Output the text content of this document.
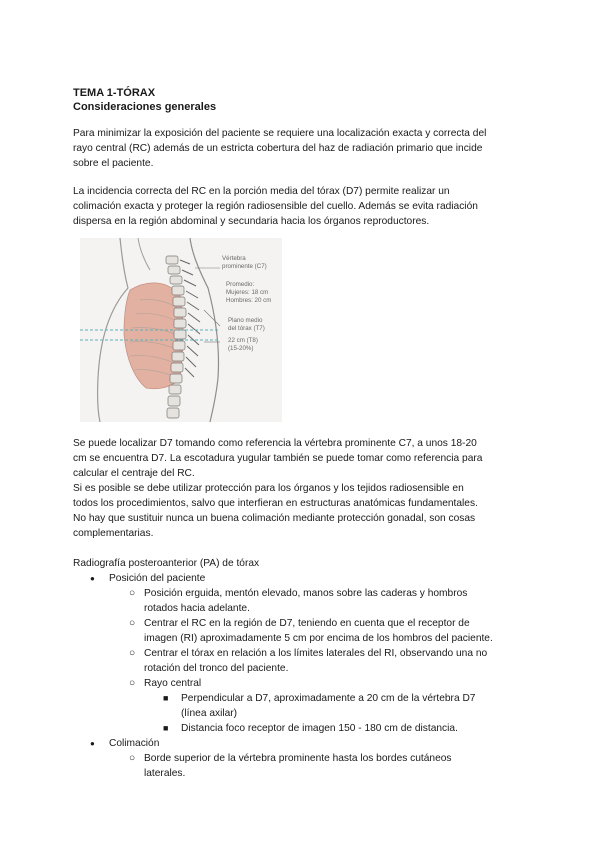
TEMA 1-TÓRAX
Consideraciones generales
Para minimizar la exposición del paciente se requiere una localización exacta y correcta del
rayo central (RC) además de un estricta cobertura del haz de radiación primario que incide
sobre el paciente.
La incidencia correcta del RC en la porción media del tórax (D7) permite realizar un
colimación exacta y proteger la región radiosensible del cuello. Además se evita radiación
dispersa en la región abdominal y secundaria hacia los órganos reproductores.
Vértebra
prominente (C7)
Promedio:
Mujeres: 18 cm
Hombres: 20 cm
Plano medio
del tórax (T7)
22 cm (T8)
(15-20%)
Se puede localizar D7 tomando como referencia la vértebra prominente C7, a unos 18-20
cm se encuentra D7. La escotadura yugular también se puede tomar como referencia para
calcular el centraje del RC.
Si es posible se debe utilizar protección para los órganos y los tejidos radiosensible en
todos los procedimientos, salvo que interfieran en estructuras anatómicas fundamentales.
No hay que sustituir nunca un buena colimación mediante protección gonadal, son cosas
complementarias.
Radiografía posteroanterior (PA) de tórax
● Posición del paciente
○ Posición erguida, mentón elevado, manos sobre las caderas y hombros
rotados hacia adelante.
○ Centrar el RC en la región de D7, teniendo en cuenta que el receptor de
imagen (RI) aproximadamente 5 cm por encima de los hombros del paciente.
○ Centrar el tórax en relación a los límites laterales del RI, observando una no
rotación del tronco del paciente.
○ Rayo central
■ Perpendicular a D7, aproximadamente a 20 cm de la vértebra D7
(línea axilar)
■ Distancia foco receptor de imagen 150 - 180 cm de distancia.
● Colimación
○ Borde superior de la vértebra prominente hasta los bordes cutáneos
laterales.
